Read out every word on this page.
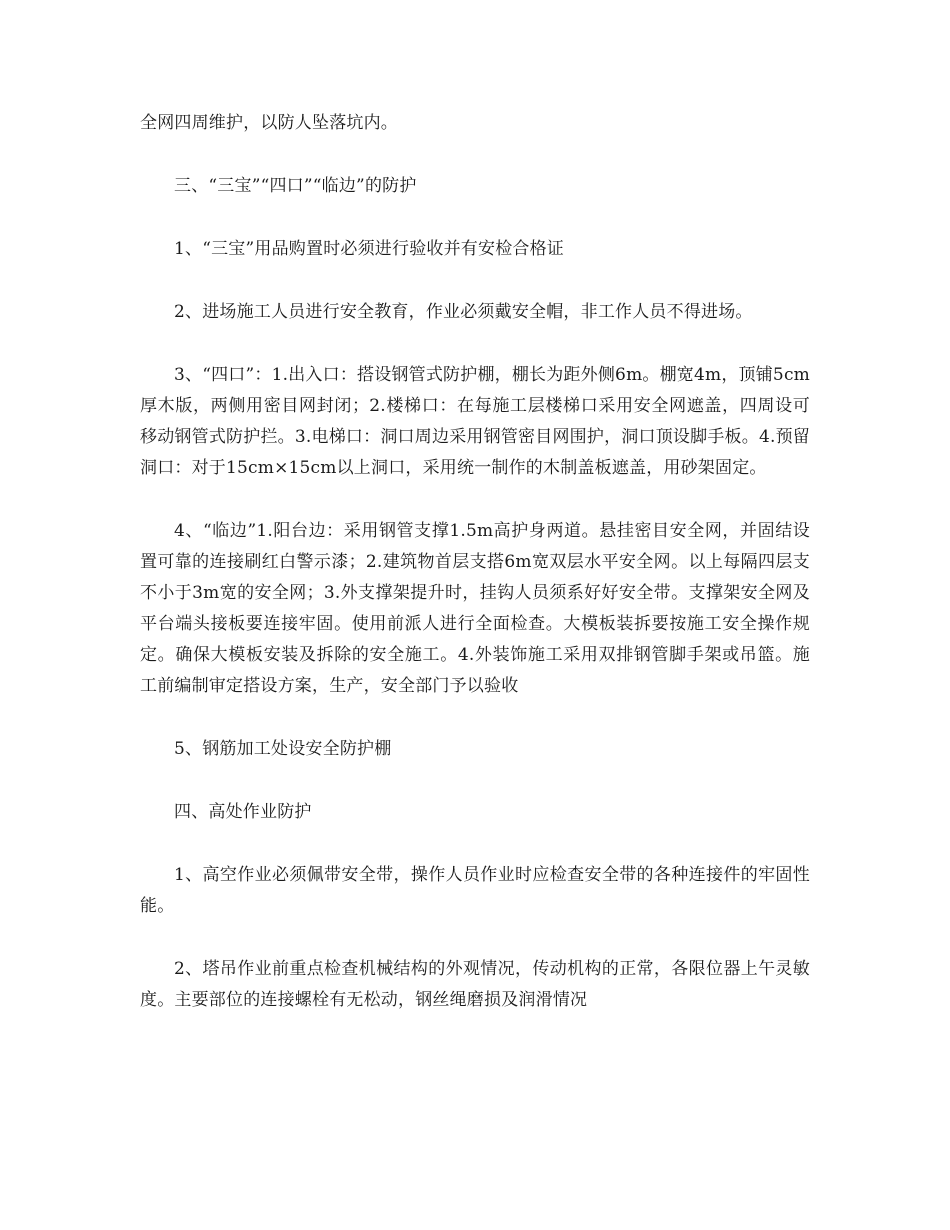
全网四周维护，以防人坠落坑内。

三、“三宝”“四口”“临边”的防护

1、“三宝”用品购置时必须进行验收并有安检合格证

2、进场施工人员进行安全教育，作业必须戴安全帽，非工作人员不得进场。

3、“四口”：1.出入口：搭设钢管式防护棚，棚长为距外侧6m。棚宽4m，顶铺5cm厚木版，两侧用密目网封闭；2.楼梯口：在每施工层楼梯口采用安全网遮盖，四周设可移动钢管式防护拦。3.电梯口：洞口周边采用钢管密目网围护，洞口顶设脚手板。4.预留洞口：对于15cm×15cm以上洞口，采用统一制作的木制盖板遮盖，用砂架固定。

4、“临边”1.阳台边：采用钢管支撑1.5m高护身两道。悬挂密目安全网，并固结设置可靠的连接刷红白警示漆；2.建筑物首层支搭6m宽双层水平安全网。以上每隔四层支不小于3m宽的安全网；3.外支撑架提升时，挂钩人员须系好好安全带。支撑架安全网及平台端头接板要连接牢固。使用前派人进行全面检查。大模板装拆要按施工安全操作规定。确保大模板安装及拆除的安全施工。4.外装饰施工采用双排钢管脚手架或吊篮。施工前编制审定搭设方案，生产，安全部门予以验收

5、钢筋加工处设安全防护棚

四、高处作业防护

1、高空作业必须佩带安全带，操作人员作业时应检查安全带的各种连接件的牢固性能。

2、塔吊作业前重点检查机械结构的外观情况，传动机构的正常，各限位器上午灵敏度。主要部位的连接螺栓有无松动，钢丝绳磨损及润滑情况
